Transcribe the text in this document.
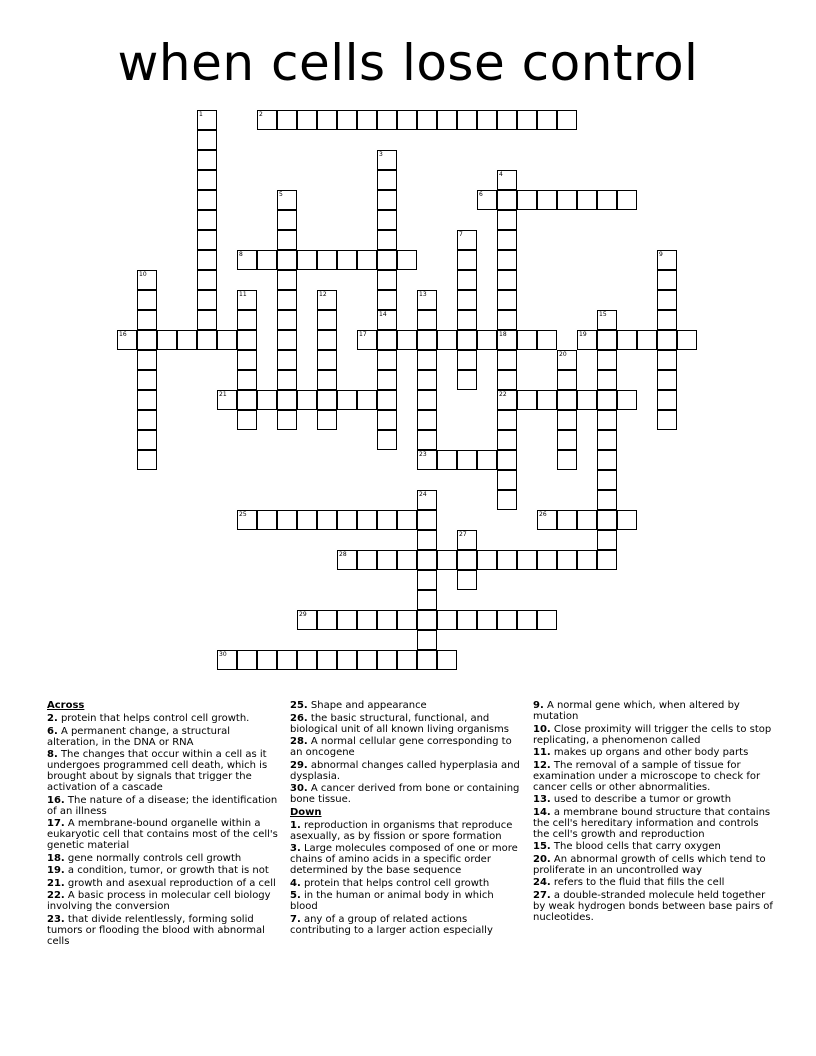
when cells lose control
1	2
3
4
18
22
5	6
7
8	9
10
11	12	13
23
14	15
16	17	19
20
21
24
25	26
27
28
29
30
Across
2. protein that helps control cell growth.
6. A permanent change, a structural alteration, in the DNA or RNA
8. The changes that occur within a cell as it undergoes programmed cell death, which is brought about by signals that trigger the activation of a cascade
16. The nature of a disease; the identification of an illness
17. A membrane-bound organelle within a eukaryotic cell that contains most of the cell's genetic material
18. gene normally controls cell growth
19. a condition, tumor, or growth that is not
21. growth and asexual reproduction of a cell
22. A basic process in molecular cell biology involving the conversion
23. that divide relentlessly, forming solid tumors or flooding the blood with abnormal cells
25. Shape and appearance
26. the basic structural, functional, and biological unit of all known living organisms
28. A normal cellular gene corresponding to an oncogene
29. abnormal changes called hyperplasia and dysplasia.
30. A cancer derived from bone or containing bone tissue.
Down
1. reproduction in organisms that reproduce asexually, as by fission or spore formation
3. Large molecules composed of one or more chains of amino acids in a specific order determined by the base sequence
4. protein that helps control cell growth
5. in the human or animal body in which blood
7. any of a group of related actions contributing to a larger action especially
9. A normal gene which, when altered by mutation
10. Close proximity will trigger the cells to stop replicating, a phenomenon called
11. makes up organs and other body parts
12. The removal of a sample of tissue for examination under a microscope to check for cancer cells or other abnormalities.
13. used to describe a tumor or growth
14. a membrane bound structure that contains the cell's hereditary information and controls the cell's growth and reproduction
15. The blood cells that carry oxygen
20. An abnormal growth of cells which tend to proliferate in an uncontrolled way
24. refers to the fluid that fills the cell
27. a double-stranded molecule held together by weak hydrogen bonds between base pairs of nucleotides.
